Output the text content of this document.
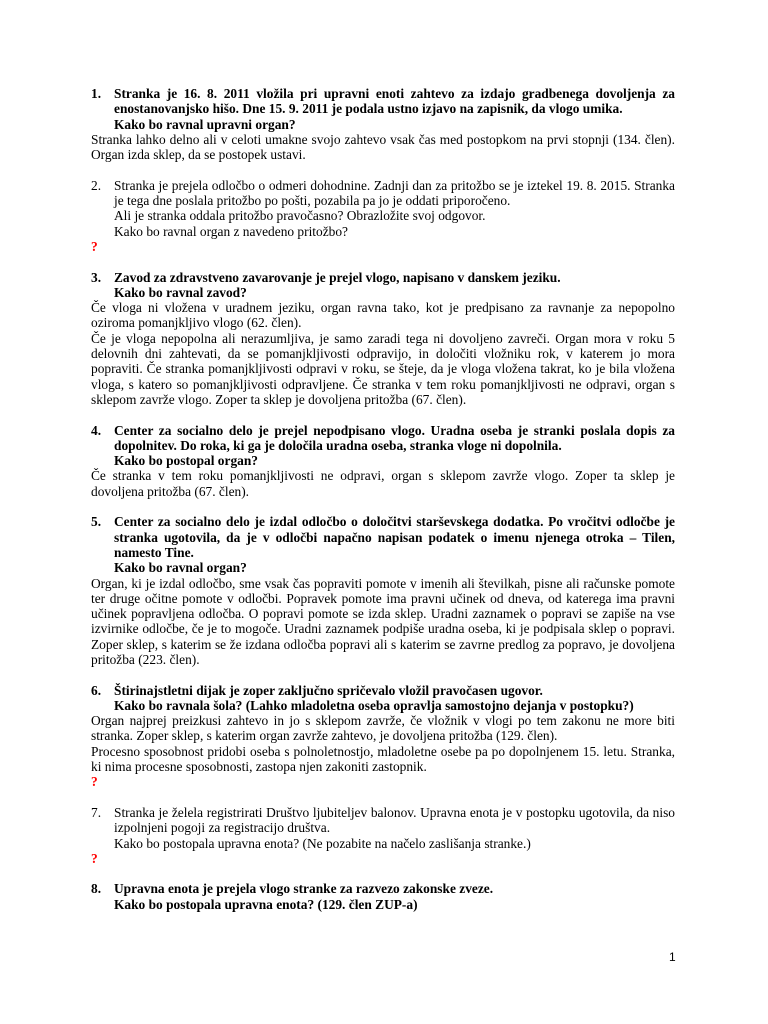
1. Stranka je 16. 8. 2011 vložila pri upravni enoti zahtevo za izdajo gradbenega dovoljenja za enostanovanjsko hišo. Dne 15. 9. 2011 je podala ustno izjavo na zapisnik, da vlogo umika.

Kako bo ravnal upravni organ?

Stranka lahko delno ali v celoti umakne svojo zahtevo vsak čas med postopkom na prvi stopnji (134. člen). Organ izda sklep, da se postopek ustavi.

2. Stranka je prejela odločbo o odmeri dohodnine. Zadnji dan za pritožbo se je iztekel 19. 8. 2015. Stranka je tega dne poslala pritožbo po pošti, pozabila pa jo je oddati priporočeno.

Ali je stranka oddala pritožbo pravočasno? Obrazložite svoj odgovor.

Kako bo ravnal organ z navedeno pritožbo?

?

3. Zavod za zdravstveno zavarovanje je prejel vlogo, napisano v danskem jeziku.

Kako bo ravnal zavod?

Če vloga ni vložena v uradnem jeziku, organ ravna tako, kot je predpisano za ravnanje za nepopolno oziroma pomanjkljivo vlogo (62. člen).

Če je vloga nepopolna ali nerazumljiva, je samo zaradi tega ni dovoljeno zavreči. Organ mora v roku 5 delovnih dni zahtevati, da se pomanjkljivosti odpravijo, in določiti vložniku rok, v katerem jo mora popraviti. Če stranka pomanjkljivosti odpravi v roku, se šteje, da je vloga vložena takrat, ko je bila vložena vloga, s katero so pomanjkljivosti odpravljene. Če stranka v tem roku pomanjkljivosti ne odpravi, organ s sklepom zavrže vlogo. Zoper ta sklep je dovoljena pritožba (67. člen).

4. Center za socialno delo je prejel nepodpisano vlogo. Uradna oseba je stranki poslala dopis za dopolnitev. Do roka, ki ga je določila uradna oseba, stranka vloge ni dopolnila.

Kako bo postopal organ?

Če stranka v tem roku pomanjkljivosti ne odpravi, organ s sklepom zavrže vlogo. Zoper ta sklep je dovoljena pritožba (67. člen).

5. Center za socialno delo je izdal odločbo o določitvi starševskega dodatka. Po vročitvi odločbe je stranka ugotovila, da je v odločbi napačno napisan podatek o imenu njenega otroka – Tilen, namesto Tine.

Kako bo ravnal organ?

Organ, ki je izdal odločbo, sme vsak čas popraviti pomote v imenih ali številkah, pisne ali računske pomote ter druge očitne pomote v odločbi. Popravek pomote ima pravni učinek od dneva, od katerega ima pravni učinek popravljena odločba. O popravi pomote se izda sklep. Uradni zaznamek o popravi se zapiše na vse izvirnike odločbe, če je to mogoče. Uradni zaznamek podpiše uradna oseba, ki je podpisala sklep o popravi. Zoper sklep, s katerim se že izdana odločba popravi ali s katerim se zavrne predlog za popravo, je dovoljena pritožba (223. člen).

6. Štirinajstletni dijak je zoper zaključno spričevalo vložil pravočasen ugovor.

Kako bo ravnala šola? (Lahko mladoletna oseba opravlja samostojno dejanja v postopku?)

Organ najprej preizkusi zahtevo in jo s sklepom zavrže, če vložnik v vlogi po tem zakonu ne more biti stranka. Zoper sklep, s katerim organ zavrže zahtevo, je dovoljena pritožba (129. člen).

Procesno sposobnost pridobi oseba s polnoletnostjo, mladoletne osebe pa po dopolnjenem 15. letu. Stranka, ki nima procesne sposobnosti, zastopa njen zakoniti zastopnik.

?

7. Stranka je želela registrirati Društvo ljubiteljev balonov. Upravna enota je v postopku ugotovila, da niso izpolnjeni pogoji za registracijo društva.

Kako bo postopala upravna enota? (Ne pozabite na načelo zaslišanja stranke.)

?

8. Upravna enota je prejela vlogo stranke za razvezo zakonske zveze.

Kako bo postopala upravna enota? (129. člen ZUP-a)

1
